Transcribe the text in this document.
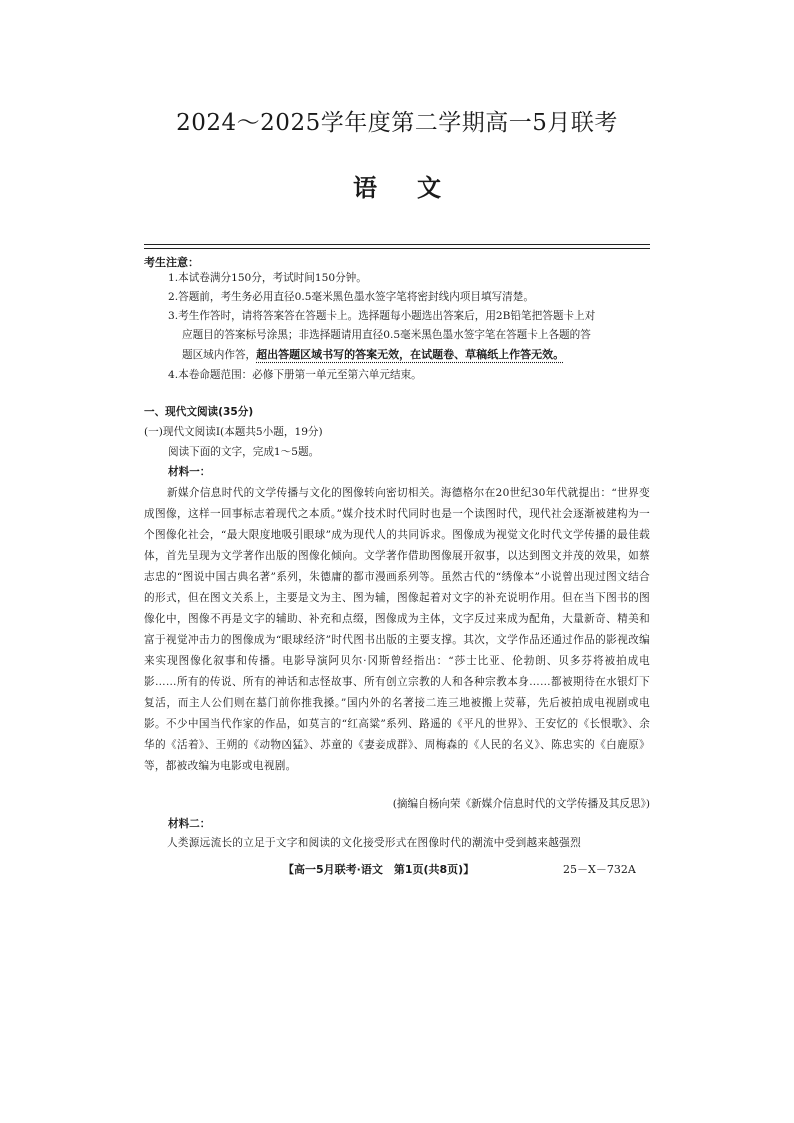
2024～2025学年度第二学期高一5月联考
语文
考生注意：
1.本试卷满分150分，考试时间150分钟。
2.答题前，考生务必用直径0.5毫米黑色墨水签字笔将密封线内项目填写清楚。
3.考生作答时，请将答案答在答题卡上。选择题每小题选出答案后，用2B铅笔把答题卡上对
应题目的答案标号涂黑；非选择题请用直径0.5毫米黑色墨水签字笔在答题卡上各题的答
题区域内作答，超出答题区域书写的答案无效，在试题卷、草稿纸上作答无效。
4.本卷命题范围：必修下册第一单元至第六单元结束。
一、现代文阅读(35分)
(一)现代文阅读Ⅰ(本题共5小题，19分)
阅读下面的文字，完成1～5题。
材料一：
新媒介信息时代的文学传播与文化的图像转向密切相关。海德格尔在20世纪30年代就提出：“世界变成图像，这样一回事标志着现代之本质。”媒介技术时代同时也是一个读图时代，现代社会逐渐被建构为一个图像化社会，“最大限度地吸引眼球”成为现代人的共同诉求。图像成为视觉文化时代文学传播的最佳载体，首先呈现为文学著作出版的图像化倾向。文学著作借助图像展开叙事，以达到图文并茂的效果，如蔡志忠的“图说中国古典名著”系列，朱德庸的都市漫画系列等。虽然古代的“绣像本”小说曾出现过图文结合的形式，但在图文关系上，主要是文为主、图为辅，图像起着对文字的补充说明作用。但在当下图书的图像化中，图像不再是文字的辅助、补充和点缀，图像成为主体，文字反过来成为配角，大量新奇、精美和富于视觉冲击力的图像成为“眼球经济”时代图书出版的主要支撑。其次，文学作品还通过作品的影视改编来实现图像化叙事和传播。电影导演阿贝尔·冈斯曾经指出：“莎士比亚、伦勃朗、贝多芬将被拍成电影……所有的传说、所有的神话和志怪故事、所有创立宗教的人和各种宗教本身……都被期待在水银灯下复活，而主人公们则在墓门前你推我搡。”国内外的名著接二连三地被搬上荧幕，先后被拍成电视剧或电影。不少中国当代作家的作品，如莫言的“红高粱”系列、路遥的《平凡的世界》、王安忆的《长恨歌》、余华的《活着》、王朔的《动物凶猛》、苏童的《妻妾成群》、周梅森的《人民的名义》、陈忠实的《白鹿原》等，都被改编为电影或电视剧。
(摘编自杨向荣《新媒介信息时代的文学传播及其反思》)
材料二：
人类源远流长的立足于文字和阅读的文化接受形式在图像时代的潮流中受到越来越强烈
【高一5月联考·语文　第1页(共8页)】	25－X－732A
